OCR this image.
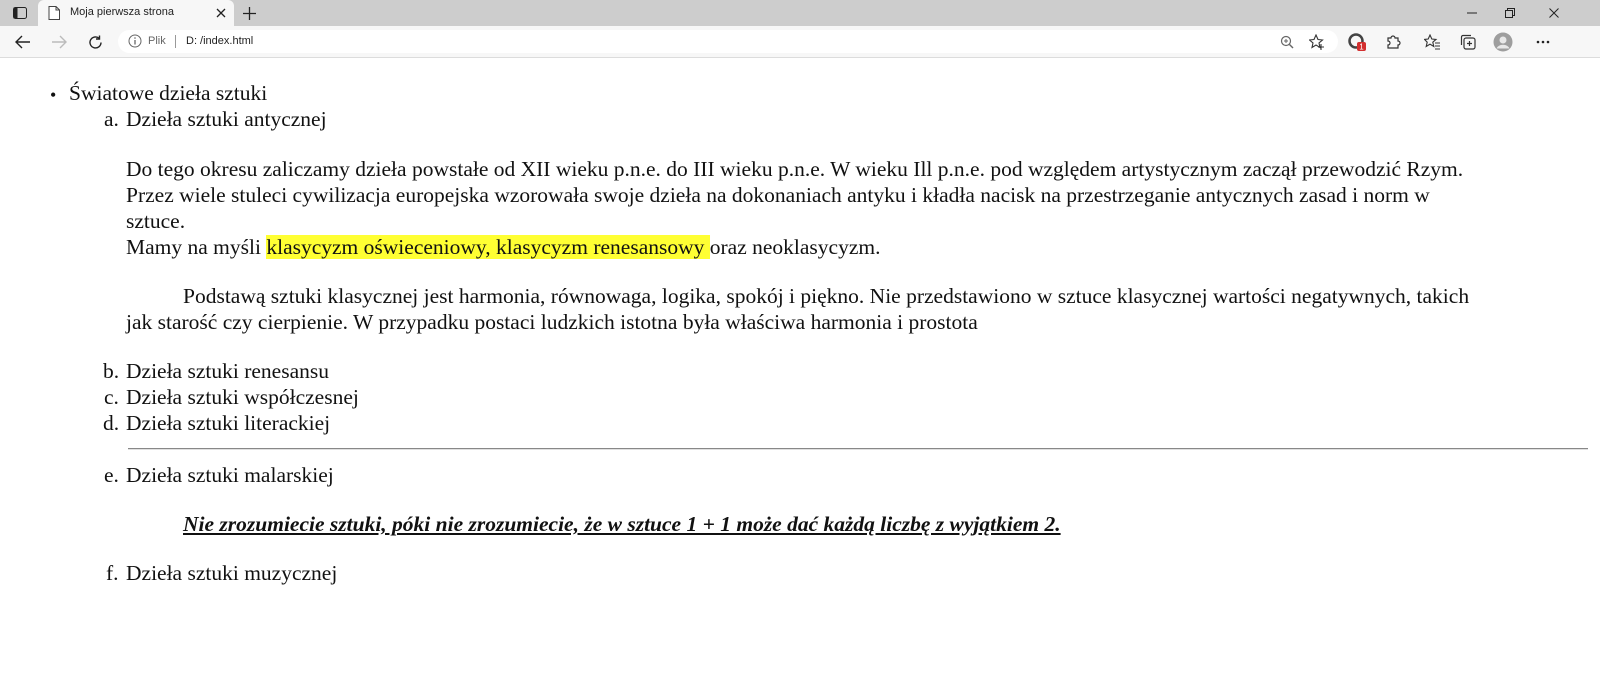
Moja pierwsza strona
Plik D: /index.html	1
• Światowe dzieła sztuki
a. Dzieła sztuki antycznej
Do tego okresu zaliczamy dzieła powstałe od XII wieku p.n.e. do III wieku p.n.e. W wieku Ill p.n.e. pod względem artystycznym zaczął przewodzić Rzym.
Przez wiele stuleci cywilizacja europejska wzorowała swoje dzieła na dokonaniach antyku i kładła nacisk na przestrzeganie antycznych zasad i norm w
sztuce.
Mamy na myśli klasycyzm oświeceniowy, klasycyzm renesansowy oraz neoklasycyzm.
Podstawą sztuki klasycznej jest harmonia, równowaga, logika, spokój i piękno. Nie przedstawiono w sztuce klasycznej wartości negatywnych, takich
jak starość czy cierpienie. W przypadku postaci ludzkich istotna była właściwa harmonia i prostota
b. Dzieła sztuki renesansu
c. Dzieła sztuki współczesnej
d. Dzieła sztuki literackiej
e. Dzieła sztuki malarskiej
Nie zrozumiecie sztuki, póki nie zrozumiecie, że w sztuce 1 + 1 może dać każdą liczbę z wyjątkiem 2.
f. Dzieła sztuki muzycznej
